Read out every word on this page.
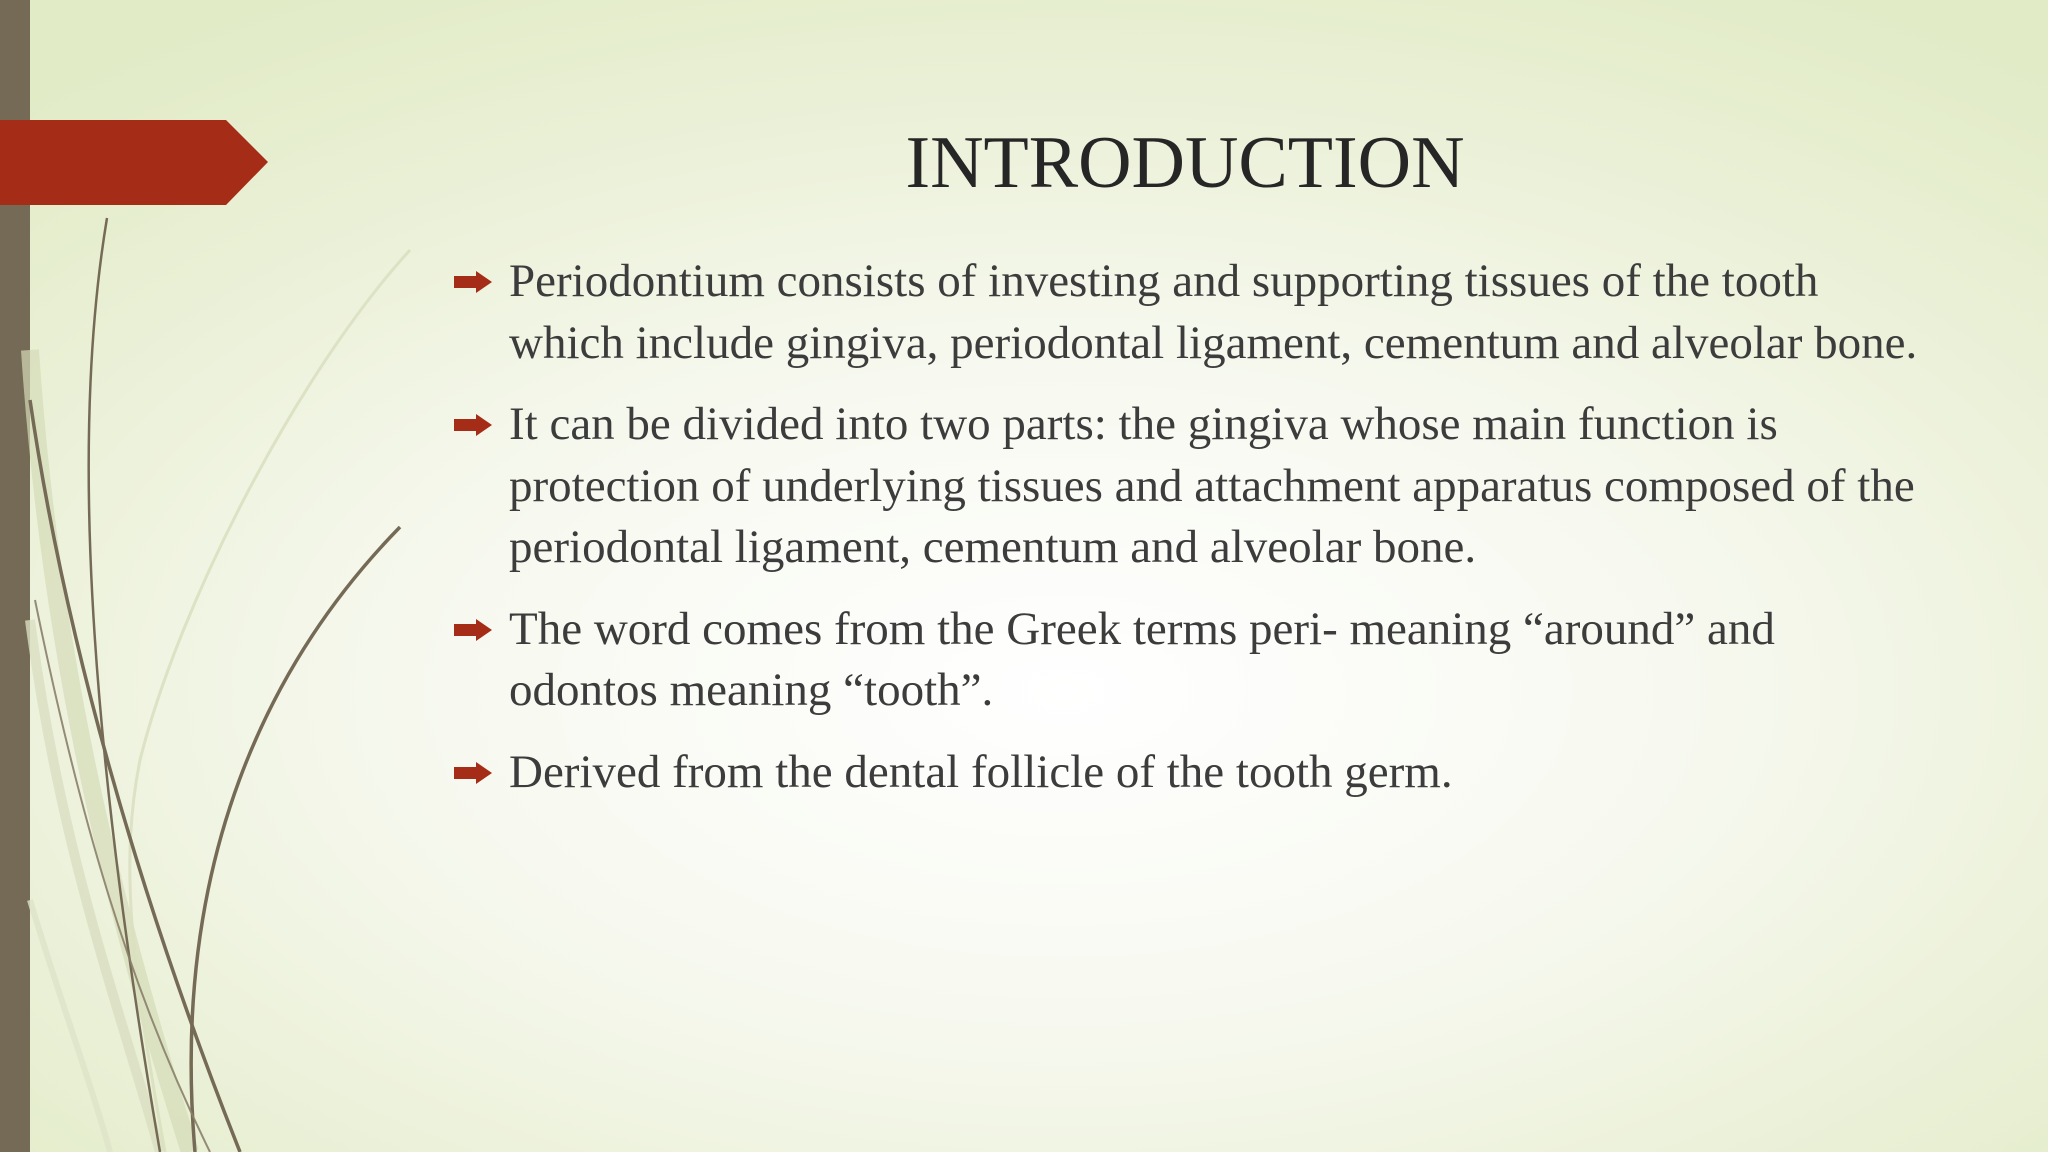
INTRODUCTION
Periodontium consists of investing and supporting tissues of the tooth which include gingiva, periodontal ligament, cementum and alveolar bone.
It can be divided into two parts: the gingiva whose main function is protection of underlying tissues and attachment apparatus composed of the periodontal ligament, cementum and alveolar bone.
The word comes from the Greek terms peri- meaning “around” and odontos meaning “tooth”.
Derived from the dental follicle of the tooth germ.
